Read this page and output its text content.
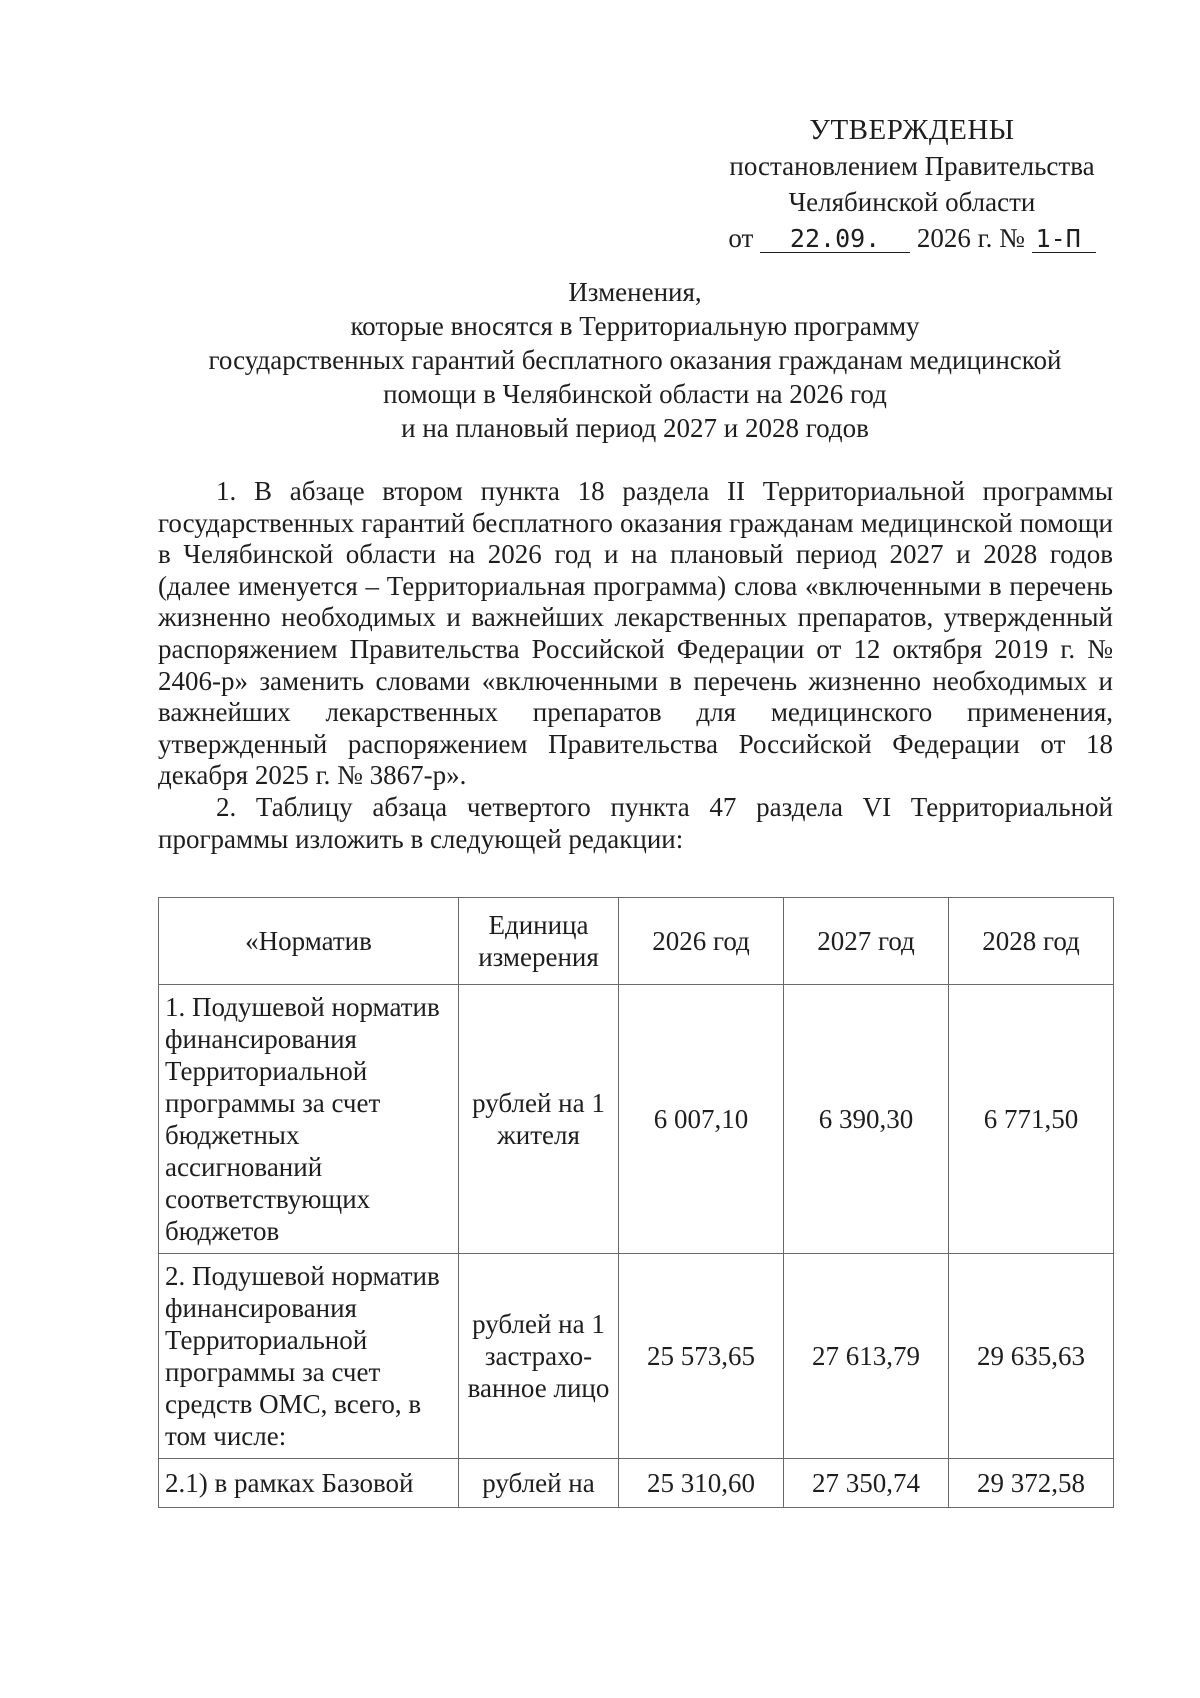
УТВЕРЖДЕНЫ
постановлением Правительства
Челябинской области
от 22.09. 2026 г. № 1-П
Изменения,
которые вносятся в Территориальную программу
государственных гарантий бесплатного оказания гражданам медицинской
помощи в Челябинской области на 2026 год
и на плановый период 2027 и 2028 годов

1. В абзаце втором пункта 18 раздела II Территориальной программы государственных гарантий бесплатного оказания гражданам медицинской помощи в Челябинской области на 2026 год и на плановый период 2027 и 2028 годов (далее именуется – Территориальная программа) слова «включенными в перечень жизненно необходимых и важнейших лекарственных препаратов, утвержденный распоряжением Правительства Российской Федерации от 12 октября 2019 г. № 2406-р» заменить словами «включенными в перечень жизненно необходимых и важнейших лекарственных препаратов для медицинского применения, утвержденный распоряжением Правительства Российской Федерации от 18 декабря 2025 г. № 3867-р».

2. Таблицу абзаца четвертого пункта 47 раздела VI Территориальной программы изложить в следующей редакции:

«Норматив	Единица измерения	2026 год	2027 год	2028 год
1. Подушевой норматив финансирования Территориальной программы за счет бюджетных ассигнований соответствующих бюджетов	рублей на 1 жителя	6 007,10	6 390,30	6 771,50
2. Подушевой норматив финансирования Территориальной программы за счет средств ОМС, всего, в том числе:	рублей на 1 застрахо-ванное лицо	25 573,65	27 613,79	29 635,63
2.1) в рамках Базовой	рублей на	25 310,60	27 350,74	29 372,58
